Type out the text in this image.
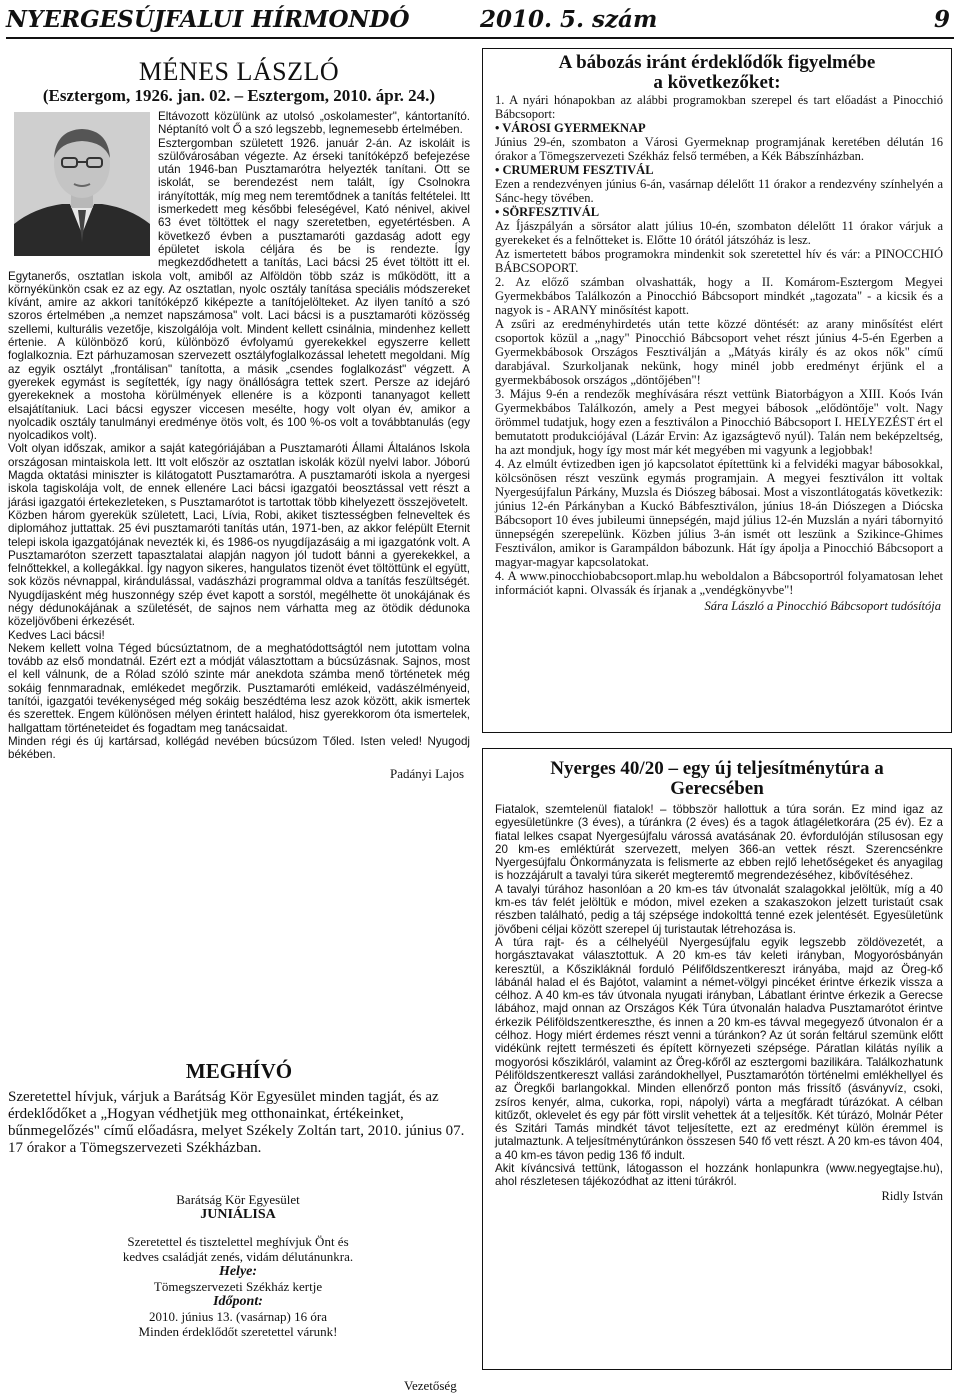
NYERGESÚJFALUI HÍRMONDÓ	2010. 5. szám	9
MÉNES LÁSZLÓ
(Esztergom, 1926. jan. 02. – Esztergom, 2010. ápr. 24.)

Eltávozott közülünk az utolsó „oskolamester", kántortanító. Néptanító volt Ő a szó legszebb, legnemesebb értelmében.

Esztergomban született 1926. január 2-án. Az iskoláit is szülővárosában végezte. Az érseki tanítóképző befejezése után 1946-ban Pusztamarótra helyezték tanítani. Ott se iskolát, se berendezést nem talált, így Csolnokra irányították, míg meg nem teremtődnek a tanítás feltételei. Itt ismerkedett meg későbbi feleségével, Kató nénivel, akivel 63 évet töltöttek el nagy szeretetben, egyetértésben. A következő évben a pusztamaróti gazdaság adott egy épületet iskola céljára és be is rendezte. Így megkezdődhetett a tanítás, Laci bácsi 25 évet töltött itt el. Egytanerős, osztatlan iskola volt, amiből az Alföldön több száz is működött, itt a környékünkön csak ez az egy. Az osztatlan, nyolc osztály tanítása speciális módszereket kívánt, amire az akkori tanítóképző kiképezte a tanítójelölteket. Az ilyen tanító a szó szoros értelmében „a nemzet napszámosa" volt. Laci bácsi is a pusztamaróti közösség szellemi, kulturális vezetője, kiszolgálója volt. Mindent kellett csinálnia, mindenhez kellett értenie. A különböző korú, különböző évfolyamú gyerekekkel egyszerre kellett foglalkoznia. Ezt párhuzamosan szervezett osztályfoglalkozással lehetett megoldani. Míg az egyik osztályt „frontálisan" tanította, a másik „csendes foglalkozást" végzett. A gyerekek egymást is segítették, így nagy önállóságra tettek szert. Persze az idejáró gyerekeknek a mostoha körülmények ellenére is a központi tananyagot kellett elsajátítaniuk. Laci bácsi egyszer viccesen mesélte, hogy volt olyan év, amikor a nyolcadik osztály tanulmányi eredménye ötös volt, és 100 %-os volt a továbbtanulás (egy nyolcadikos volt).

Volt olyan időszak, amikor a saját kategóriájában a Pusztamaróti Állami Általános Iskola országosan mintaiskola lett. Itt volt először az osztatlan iskolák közül nyelvi labor. Jóború Magda oktatási miniszter is kilátogatott Pusztamarótra. A pusztamaróti iskola a nyergesi iskola tagiskolája volt, de ennek ellenére Laci bácsi igazgatói beosztással vett részt a járási igazgatói értekezleteken, s Pusztamarótot is tartottak több kihelyezett összejövetelt.

Közben három gyerekük született, Laci, Lívia, Robi, akiket tisztességben felneveltek és diplomához juttattak. 25 évi pusztamaróti tanítás után, 1971-ben, az akkor felépült Eternit telepi iskola igazgatójának nevezték ki, és 1986-os nyugdíjazásáig a mi igazgatónk volt. A Pusztamaróton szerzett tapasztalatai alapján nagyon jól tudott bánni a gyerekekkel, a felnőttekkel, a kollegákkal. Így nagyon sikeres, hangulatos tizenöt évet töltöttünk el együtt, sok közös névnappal, kirándulással, vadászházi programmal oldva a tanítás feszültségét. Nyugdíjasként még huszonnégy szép évet kapott a sorstól, megélhette öt unokájának és négy dédunokájának a születését, de sajnos nem várhatta meg az ötödik dédunoka közeljövőbeni érkezését.

Kedves Laci bácsi!

Nekem kellett volna Téged búcsúztatnom, de a meghatódottságtól nem jutottam volna tovább az első mondatnál. Ezért ezt a módját választottam a búcsúzásnak. Sajnos, most el kell válnunk, de a Rólad szóló szinte már anekdota számba menő történetek még sokáig fennmaradnak, emlékedet megőrzik. Pusztamaróti emlékeid, vadászélményeid, tanítói, igazgatói tevékenységed még sokáig beszédtéma lesz azok között, akik ismertek és szerettek. Engem különösen mélyen érintett halálod, hisz gyerekkorom óta ismertelek, hallgattam történeteidet és fogadtam meg tanácsaidat.

Minden régi és új kartársad, kollégád nevében búcsúzom Tőled. Isten veled! Nyugodj békében.

Padányi Lajos
MEGHÍVÓ

Szeretettel hívjuk, várjuk a Barátság Kör Egyesület minden tagját, és az érdeklődőket a „Hogyan védhetjük meg otthonainkat, értékeinket, bűnmegelőzés" című előadásra, melyet Székely Zoltán tart, 2010. június 07. 17 órakor a Tömegszervezeti Székházban.

Barátság Kör Egyesület

JUNIÁLISA

Szeretettel és tisztelettel meghívjuk Önt és

kedves családját zenés, vidám délutánunkra.

Helye:

Tömegszervezeti Székház kertje

Időpont:

2010. június 13. (vasárnap) 16 óra

Minden érdeklődőt szeretettel várunk!

Vezetőség
A bábozás iránt érdeklődők figyelmébe
a következőket:

1. A nyári hónapokban az alábbi programokban szerepel és tart előadást a Pinocchió Bábcsoport:

• VÁROSI GYERMEKNAP

Június 29-én, szombaton a Városi Gyermeknap programjának keretében délután 16 órakor a Tömegszervezeti Székház felső termében, a Kék Bábszínházban.

• CRUMERUM FESZTIVÁL

Ezen a rendezvényen június 6-án, vasárnap délelőtt 11 órakor a rendezvény színhelyén a Sánc-hegy tövében.

• SÖRFESZTIVÁL

Az Íjászpályán a sörsátor alatt július 10-én, szombaton délelőtt 11 órakor várjuk a gyerekeket és a felnőtteket is. Előtte 10 órától játszóház is lesz.

Az ismertetett bábos programokra mindenkit sok szeretettel hív és vár: a PINOCCHIÓ BÁBCSOPORT.

2. Az előző számban olvashatták, hogy a II. Komárom-Esztergom Megyei Gyermekbábos Találkozón a Pinocchió Bábcsoport mindkét „tagozata" - a kicsik és a nagyok is - ARANY minősítést kapott.

A zsűri az eredményhirdetés után tette közzé döntését: az arany minősítést elért csoportok közül a „nagy" Pinocchió Bábcsoport vehet részt június 4-5-én Egerben a Gyermekbábosok Országos Fesztiválján a „Mátyás király és az okos nők" című darabjával. Szurkoljanak nekünk, hogy minél jobb eredményt érjünk el a gyermekbábosok országos „döntőjében"!

3. Május 9-én a rendezők meghívására részt vettünk Biatorbágyon a XIII. Koós Iván Gyermekbábos Találkozón, amely a Pest megyei bábosok „elődöntője" volt. Nagy örömmel tudatjuk, hogy ezen a fesztiválon a Pinocchió Bábcsoport I. HELYEZÉST ért el bemutatott produkciójával (Lázár Ervin: Az igazságtevő nyúl). Talán nem beképzeltség, ha azt mondjuk, hogy így most már két megyében mi vagyunk a legjobbak!

4. Az elmúlt évtizedben igen jó kapcsolatot építettünk ki a felvidéki magyar bábosokkal, kölcsönösen részt veszünk egymás programjain. A megyei fesztiválon itt voltak Nyergesújfalun Párkány, Muzsla és Diószeg bábosai. Most a viszontlátogatás következik: június 12-én Párkányban a Kuckó Bábfesztiválon, június 18-án Diószegen a Diócska Bábcsoport 10 éves jubileumi ünnepségén, majd július 12-én Muzslán a nyári tábornyitó ünnepségén szerepelünk. Közben július 3-án ismét ott leszünk a Szikince-Ghimes Fesztiválon, amikor is Garampáldon bábozunk. Hát így ápolja a Pinocchió Bábcsoport a magyar-magyar kapcsolatokat.

4. A www.pinocchiobabcsoport.mlap.hu weboldalon a Bábcsoportról folyamatosan lehet információt kapni. Olvassák és írjanak a „vendégkönyvbe"!

Sára László a Pinocchió Bábcsoport tudósítója
Nyerges 40/20 – egy új teljesítménytúra a
Gerecsében

Fiatalok, szemtelenül fiatalok! – többször hallottuk a túra során. Ez mind igaz az egyesületünkre (3 éves), a túránkra (2 éves) és a tagok átlagéletkorára (25 év). Ez a fiatal lelkes csapat Nyergesújfalu várossá avatásának 20. évfordulóján stílusosan egy 20 km-es emléktúrát szervezett, melyen 366-an vettek részt. Szerencsénkre Nyergesújfalu Önkormányzata is felismerte az ebben rejlő lehetőségeket és anyagilag is hozzájárult a tavalyi túra sikerét megteremtő megrendezéséhez, kibővítéséhez.

A tavalyi túrához hasonlóan a 20 km-es táv útvonalát szalagokkal jelöltük, míg a 40 km-es táv felét jelöltük e módon, mivel ezeken a szakaszokon jelzett turistaút csak részben található, pedig a táj szépsége indokolttá tenné ezek jelentését. Egyesületünk jövőbeni céljai között szerepel új turistautak létrehozása is.

A túra rajt- és a célhelyéül Nyergesújfalu egyik legszebb zöldövezetét, a horgásztavakat választottuk. A 20 km-es táv keleti irányban, Mogyorósbányán keresztül, a Kőszikláknál forduló Pélifőldszentkereszt irányába, majd az Öreg-kő lábánál halad el és Bajótot, valamint a német-völgyi pincéket érintve érkezik vissza a célhoz. A 40 km-es táv útvonala nyugati irányban, Lábatlant érintve érkezik a Gerecse lábához, majd onnan az Országos Kék Túra útvonalán haladva Pusztamarótot érintve érkezik Péliföldszentkereszthe, és innen a 20 km-es távval megegyező útvonalon ér a célhoz. Hogy miért érdemes részt venni a túránkon? Az út során feltárul szemünk előtt vidékünk rejtett természeti és épített környezeti szépsége. Páratlan kilátás nyílik a mogyorósi kőszikláról, valamint az Öreg-kőről az esztergomi bazilikára. Találkozhatunk Péliföldszentkereszt vallási zarándokhellyel, Pusztamarótón történelmi emlékhellyel és az Öregkői barlangokkal. Minden ellenőrző ponton más frissítő (ásványvíz, csoki, zsíros kenyér, alma, cukorka, ropi, nápolyi) várta a megfáradt túrázókat. A célban kitűzőt, oklevelet és egy pár fött virslit vehettek át a teljesítők. Két túrázó, Molnár Péter és Szitári Tamás mindkét távot teljesítette, ezt az eredményt külön éremmel is jutalmaztunk. A teljesítménytúránkon összesen 540 fő vett részt. A 20 km-es távon 404, a 40 km-es távon pedig 136 fő indult.

Akit kíváncsivá tettünk, látogasson el hozzánk honlapunkra (www.negyegtajse.hu), ahol részletesen tájékozódhat az itteni túrákról.

Ridly István
